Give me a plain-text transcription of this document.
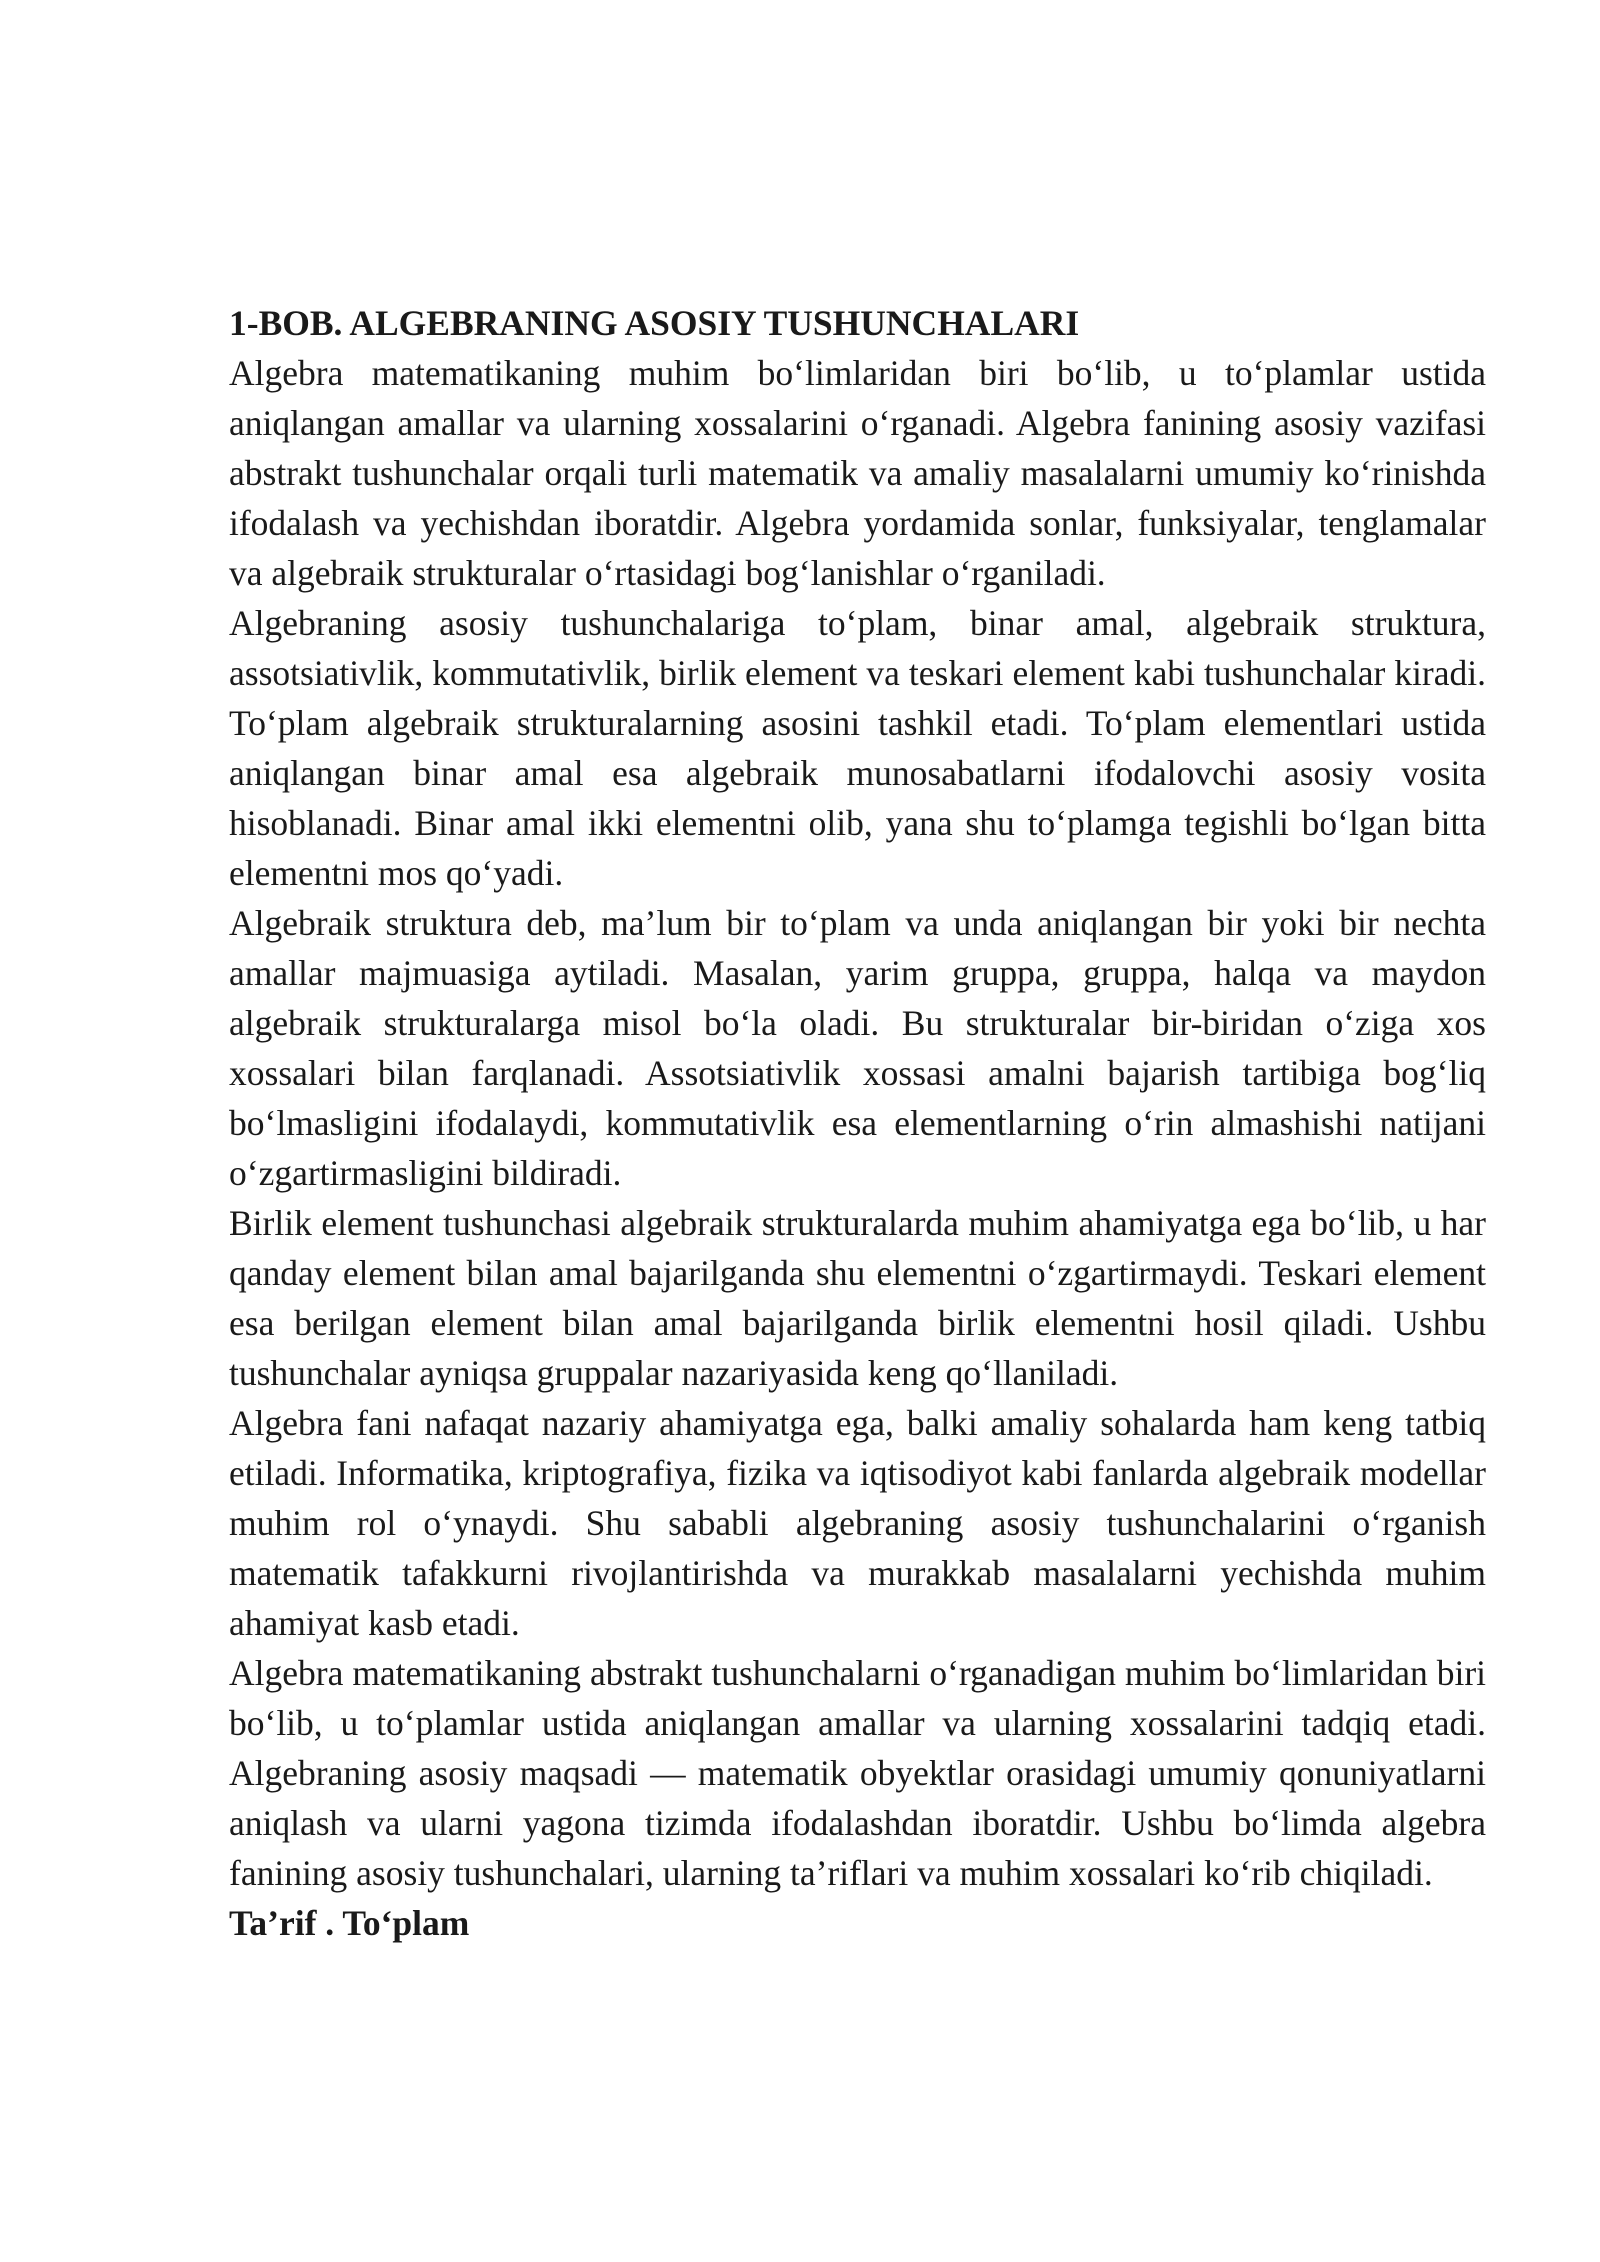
1-BOB. ALGEBRANING ASOSIY TUSHUNCHALARI

Algebra matematikaning muhim bo‘limlaridan biri bo‘lib, u to‘plamlar ustida aniqlangan amallar va ularning xossalarini o‘rganadi. Algebra fanining asosiy vazifasi abstrakt tushunchalar orqali turli matematik va amaliy masalalarni umumiy ko‘rinishda ifodalash va yechishdan iboratdir. Algebra yordamida sonlar, funksiyalar, tenglamalar va algebraik strukturalar o‘rtasidagi bog‘lanishlar o‘rganiladi.

Algebraning asosiy tushunchalariga to‘plam, binar amal, algebraik struktura, assotsiativlik, kommutativlik, birlik element va teskari element kabi tushunchalar kiradi. To‘plam algebraik strukturalarning asosini tashkil etadi. To‘plam elementlari ustida aniqlangan binar amal esa algebraik munosabatlarni ifodalovchi asosiy vosita hisoblanadi. Binar amal ikki elementni olib, yana shu to‘plamga tegishli bo‘lgan bitta elementni mos qo‘yadi.

Algebraik struktura deb, ma’lum bir to‘plam va unda aniqlangan bir yoki bir nechta amallar majmuasiga aytiladi. Masalan, yarim gruppa, gruppa, halqa va maydon algebraik strukturalarga misol bo‘la oladi. Bu strukturalar bir-biridan o‘ziga xos xossalari bilan farqlanadi. Assotsiativlik xossasi amalni bajarish tartibiga bog‘liq bo‘lmasligini ifodalaydi, kommutativlik esa elementlarning o‘rin almashishi natijani o‘zgartirmasligini bildiradi.

Birlik element tushunchasi algebraik strukturalarda muhim ahamiyatga ega bo‘lib, u har qanday element bilan amal bajarilganda shu elementni o‘zgartirmaydi. Teskari element esa berilgan element bilan amal bajarilganda birlik elementni hosil qiladi. Ushbu tushunchalar ayniqsa gruppalar nazariyasida keng qo‘llaniladi.

Algebra fani nafaqat nazariy ahamiyatga ega, balki amaliy sohalarda ham keng tatbiq etiladi. Informatika, kriptografiya, fizika va iqtisodiyot kabi fanlarda algebraik modellar muhim rol o‘ynaydi. Shu sababli algebraning asosiy tushunchalarini o‘rganish matematik tafakkurni rivojlantirishda va murakkab masalalarni yechishda muhim ahamiyat kasb etadi.

Algebra matematikaning abstrakt tushunchalarni o‘rganadigan muhim bo‘limlaridan biri bo‘lib, u to‘plamlar ustida aniqlangan amallar va ularning xossalarini tadqiq etadi. Algebraning asosiy maqsadi — matematik obyektlar orasidagi umumiy qonuniyatlarni aniqlash va ularni yagona tizimda ifodalashdan iboratdir. Ushbu bo‘limda algebra fanining asosiy tushunchalari, ularning ta’riflari va muhim xossalari ko‘rib chiqiladi.

Ta’rif . To‘plam
